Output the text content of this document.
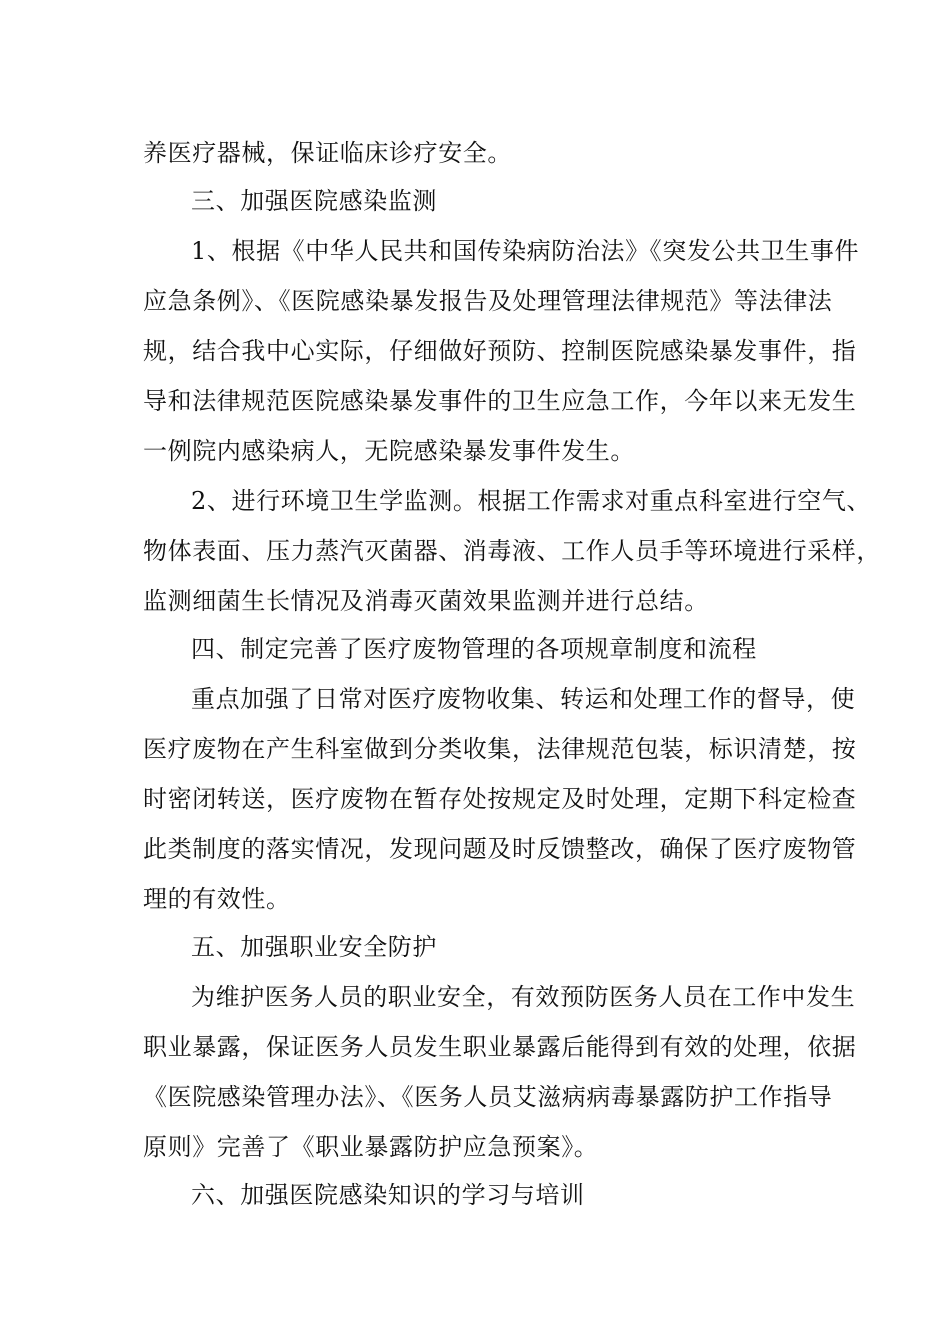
养医疗器械，保证临床诊疗安全。
三、加强医院感染监测
1、根据《中华人民共和国传染病防治法》《突发公共卫生事件
应急条例》、《医院感染暴发报告及处理管理法律规范》等法律法
规，结合我中心实际，仔细做好预防、控制医院感染暴发事件，指
导和法律规范医院感染暴发事件的卫生应急工作，今年以来无发生
一例院内感染病人，无院感染暴发事件发生。
2、进行环境卫生学监测。根据工作需求对重点科室进行空气、
物体表面、压力蒸汽灭菌器、消毒液、工作人员手等环境进行采样，
监测细菌生长情况及消毒灭菌效果监测并进行总结。
四、制定完善了医疗废物管理的各项规章制度和流程
重点加强了日常对医疗废物收集、转运和处理工作的督导，使
医疗废物在产生科室做到分类收集，法律规范包装，标识清楚，按
时密闭转送，医疗废物在暂存处按规定及时处理，定期下科定检查
此类制度的落实情况，发现问题及时反馈整改，确保了医疗废物管
理的有效性。
五、加强职业安全防护
为维护医务人员的职业安全，有效预防医务人员在工作中发生
职业暴露，保证医务人员发生职业暴露后能得到有效的处理，依据
《医院感染管理办法》、《医务人员艾滋病病毒暴露防护工作指导
原则》完善了《职业暴露防护应急预案》。
六、加强医院感染知识的学习与培训
